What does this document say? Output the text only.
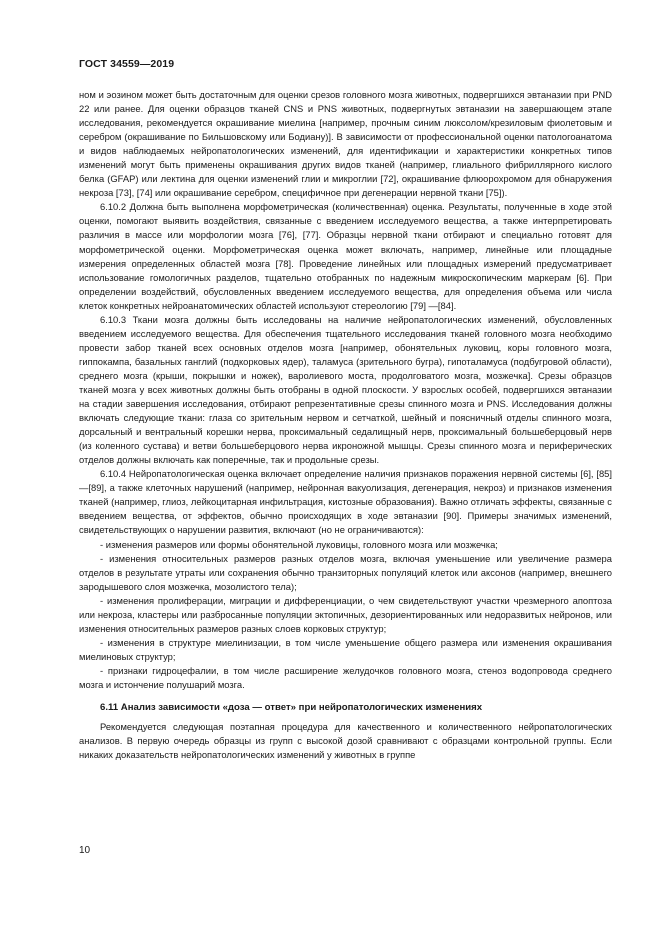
ГОСТ 34559—2019

ном и эозином может быть достаточным для оценки срезов головного мозга животных, подвергшихся эвтаназии при PND 22 или ранее. Для оценки образцов тканей CNS и PNS животных, подвергнутых эвтаназии на завершающем этапе исследования, рекомендуется окрашивание миелина [например, прочным синим люксолом/крезиловым фиолетовым и серебром (окрашивание по Бильшовскому или Бодиану)]. В зависимости от профессиональной оценки патологоанатома и видов наблюдаемых нейропатологических изменений, для идентификации и характеристики конкретных типов изменений могут быть применены окрашивания других видов тканей (например, глиального фибриллярного кислого белка (GFAP) или лектина для оценки изменений глии и микроглии [72], окрашивание флюорохромом для обнаружения некроза [73], [74] или окрашивание серебром, специфичное при дегенерации нервной ткани [75]).

6.10.2 Должна быть выполнена морфометрическая (количественная) оценка. Результаты, полученные в ходе этой оценки, помогают выявить воздействия, связанные с введением исследуемого вещества, а также интерпретировать различия в массе или морфологии мозга [76], [77]. Образцы нервной ткани отбирают и специально готовят для морфометрической оценки. Морфометрическая оценка может включать, например, линейные или площадные измерения определенных областей мозга [78]. Проведение линейных или площадных измерений предусматривает использование гомологичных разделов, тщательно отобранных по надежным микроскопическим маркерам [6]. При определении воздействий, обусловленных введением исследуемого вещества, для определения объема или числа клеток конкретных нейроанатомических областей используют стереологию [79] —[84].

6.10.3 Ткани мозга должны быть исследованы на наличие нейропатологических изменений, обусловленных введением исследуемого вещества. Для обеспечения тщательного исследования тканей головного мозга необходимо провести забор тканей всех основных отделов мозга [например, обонятельных луковиц, коры головного мозга, гиппокампа, базальных ганглий (подкорковых ядер), таламуса (зрительного бугра), гипоталамуса (подбугровой области), среднего мозга (крыши, покрышки и ножек), варолиевого моста, продолговатого мозга, мозжечка]. Срезы образцов тканей мозга у всех животных должны быть отобраны в одной плоскости. У взрослых особей, подвергшихся эвтаназии на стадии завершения исследования, отбирают репрезентативные срезы спинного мозга и PNS. Исследования должны включать следующие ткани: глаза со зрительным нервом и сетчаткой, шейный и поясничный отделы спинного мозга, дорсальный и вентральный корешки нерва, проксимальный седалищный нерв, проксимальный большеберцовый нерв (из коленного сустава) и ветви большеберцового нерва икроножной мышцы. Срезы спинного мозга и периферических отделов должны включать как поперечные, так и продольные срезы.

6.10.4 Нейропатологическая оценка включает определение наличия признаков поражения нервной системы [6], [85]—[89], а также клеточных нарушений (например, нейронная вакуолизация, дегенерация, некроз) и признаков изменения тканей (например, глиоз, лейкоцитарная инфильтрация, кистозные образования). Важно отличать эффекты, связанные с введением вещества, от эффектов, обычно происходящих в ходе эвтаназии [90]. Примеры значимых изменений, свидетельствующих о нарушении развития, включают (но не ограничиваются):

- изменения размеров или формы обонятельной луковицы, головного мозга или мозжечка;

- изменения относительных размеров разных отделов мозга, включая уменьшение или увеличение размера отделов в результате утраты или сохранения обычно транзиторных популяций клеток или аксонов (например, внешнего зародышевого слоя мозжечка, мозолистого тела);

- изменения пролиферации, миграции и дифференциации, о чем свидетельствуют участки чрезмерного апоптоза или некроза, кластеры или разбросанные популяции эктопичных, дезориентированных или недоразвитых нейронов, или изменения относительных размеров разных слоев корковых структур;

- изменения в структуре миелинизации, в том числе уменьшение общего размера или изменения окрашивания миелиновых структур;

- признаки гидроцефалии, в том числе расширение желудочков головного мозга, стеноз водопровода среднего мозга и истончение полушарий мозга.

6.11 Анализ зависимости «доза — ответ» при нейропатологических изменениях

Рекомендуется следующая поэтапная процедура для качественного и количественного нейропатологических анализов. В первую очередь образцы из групп с высокой дозой сравнивают с образцами контрольной группы. Если никаких доказательств нейропатологических изменений у животных в группе

10
